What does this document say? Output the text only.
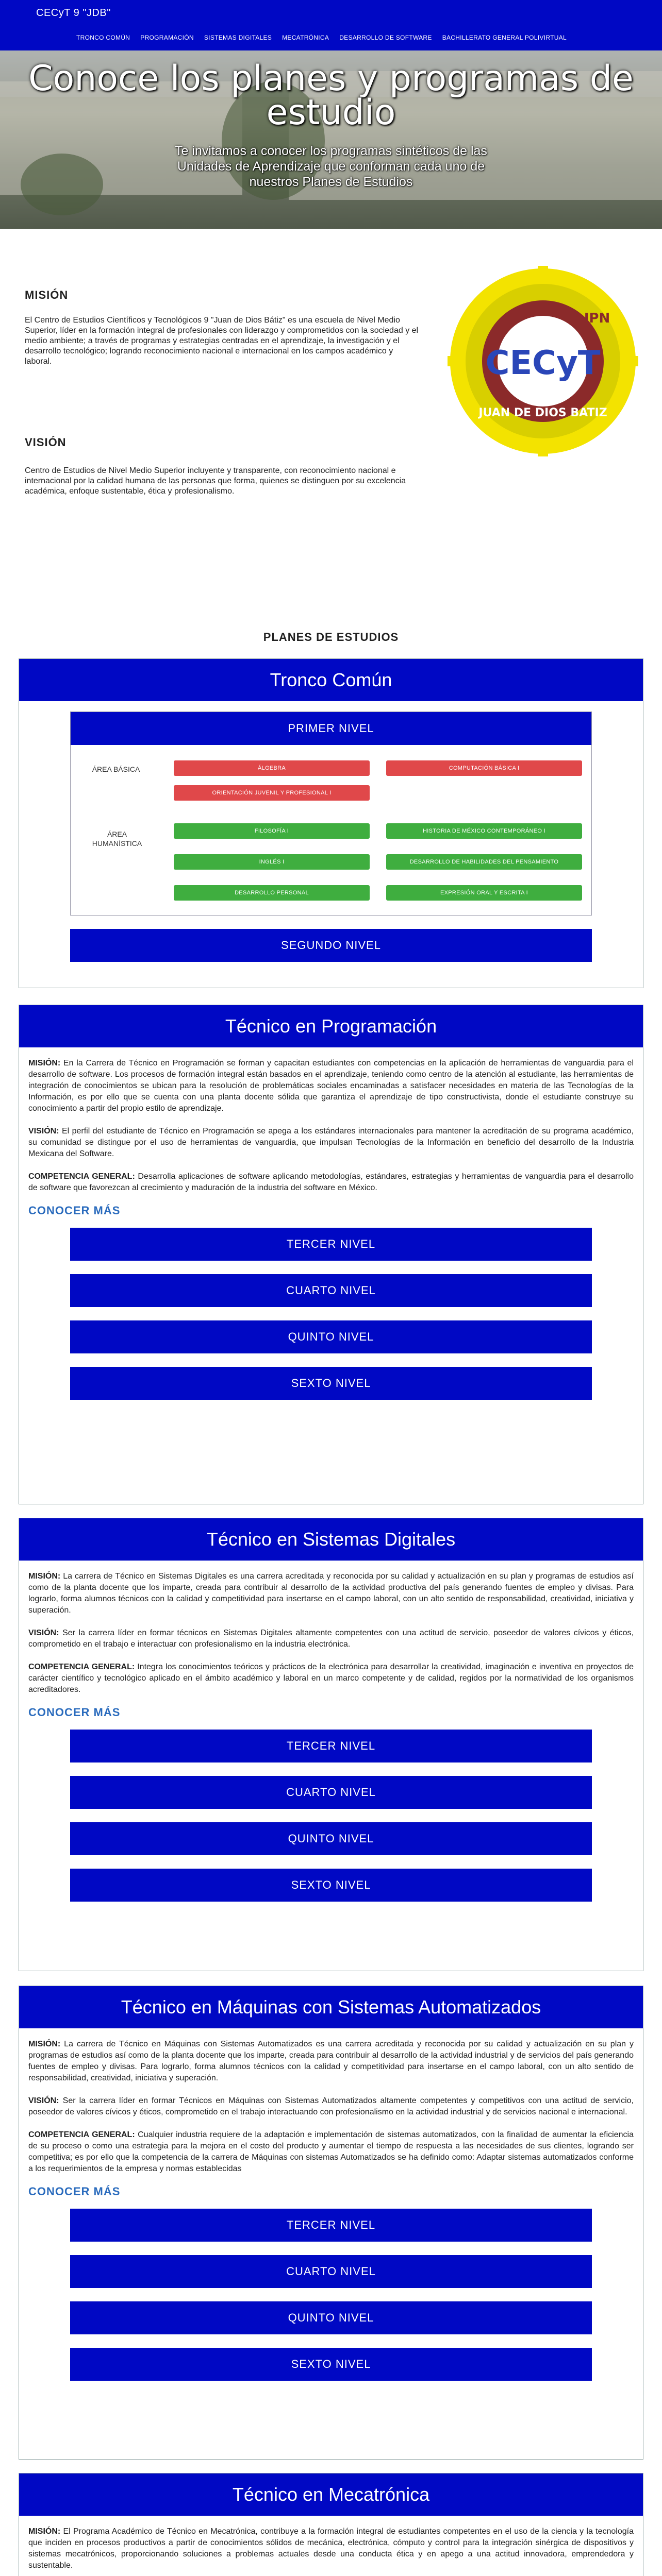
CECyT 9 "JDB"
TRONCO COMÚN	PROGRAMACIÓN	SISTEMAS DIGITALES	MECATRÓNICA	DESARROLLO DE SOFTWARE	BACHILLERATO GENERAL POLIVIRTUAL
Conoce los planes y programas de estudio
Te invitamos a conocer los programas sintéticos de las Unidades de Aprendizaje que conforman cada uno de nuestros Planes de Estudios
MISIÓN
El Centro de Estudios Científicos y Tecnológicos 9 "Juan de Dios Bátiz" es una escuela de Nivel Medio Superior, líder en la formación integral de profesionales con liderazgo y comprometidos con la sociedad y el medio ambiente; a través de programas y estrategias centradas en el aprendizaje, la investigación y el desarrollo tecnológico; logrando reconocimiento nacional e internacional en los campos académico y laboral.
VISIÓN
Centro de Estudios de Nivel Medio Superior incluyente y transparente, con reconocimiento nacional e internacional por la calidad humana de las personas que forma, quienes se distinguen por su excelencia académica, enfoque sustentable, ética y profesionalismo.
CECyT
IPN
JUAN DE DIOS BATIZ
PLANES DE ESTUDIOS
Tronco Común
PRIMER NIVEL
ÁREA BÁSICA
ÁREA HUMANÍSTICA
ÁLGEBRA	COMPUTACIÓN BÁSICA I
ORIENTACIÓN JUVENIL Y PROFESIONAL I
FILOSOFÍA I	HISTORIA DE MÉXICO CONTEMPORÁNEO I
INGLÉS I	DESARROLLO DE HABILIDADES DEL PENSAMIENTO
DESARROLLO PERSONAL	EXPRESIÓN ORAL Y ESCRITA I
SEGUNDO NIVEL
Técnico en Programación

MISIÓN: En la Carrera de Técnico en Programación se forman y capacitan estudiantes con competencias en la aplicación de herramientas de vanguardia para el desarrollo de software. Los procesos de formación integral están basados en el aprendizaje, teniendo como centro de la atención al estudiante, las herramientas de integración de conocimientos se ubican para la resolución de problemáticas sociales encaminadas a satisfacer necesidades en materia de las Tecnologías de la Información, es por ello que se cuenta con una planta docente sólida que garantiza el aprendizaje de tipo constructivista, donde el estudiante construye su conocimiento a partir del propio estilo de aprendizaje.

VISIÓN: El perfil del estudiante de Técnico en Programación se apega a los estándares internacionales para mantener la acreditación de su programa académico, su comunidad se distingue por el uso de herramientas de vanguardia, que impulsan Tecnologías de la Información en beneficio del desarrollo de la Industria Mexicana del Software.

COMPETENCIA GENERAL: Desarrolla aplicaciones de software aplicando metodologías, estándares, estrategias y herramientas de vanguardia para el desarrollo de software que favorezcan al crecimiento y maduración de la industria del software en México.

CONOCER MÁS
TERCER NIVEL
CUARTO NIVEL
QUINTO NIVEL
SEXTO NIVEL
Técnico en Sistemas Digitales

MISIÓN: La carrera de Técnico en Sistemas Digitales es una carrera acreditada y reconocida por su calidad y actualización en su plan y programas de estudios así como de la planta docente que los imparte, creada para contribuir al desarrollo de la actividad productiva del país generando fuentes de empleo y divisas. Para lograrlo, forma alumnos técnicos con la calidad y competitividad para insertarse en el campo laboral, con un alto sentido de responsabilidad, creatividad, iniciativa y superación.

VISIÓN: Ser la carrera líder en formar técnicos en Sistemas Digitales altamente competentes con una actitud de servicio, poseedor de valores cívicos y éticos, comprometido en el trabajo e interactuar con profesionalismo en la industria electrónica.

COMPETENCIA GENERAL: Integra los conocimientos teóricos y prácticos de la electrónica para desarrollar la creatividad, imaginación e inventiva en proyectos de carácter científico y tecnológico aplicado en el ámbito académico y laboral en un marco competente y de calidad, regidos por la normatividad de los organismos acreditadores.

CONOCER MÁS
TERCER NIVEL
CUARTO NIVEL
QUINTO NIVEL
SEXTO NIVEL
Técnico en Máquinas con Sistemas Automatizados

MISIÓN: La carrera de Técnico en Máquinas con Sistemas Automatizados es una carrera acreditada y reconocida por su calidad y actualización en su plan y programas de estudios así como de la planta docente que los imparte, creada para contribuir al desarrollo de la actividad industrial y de servicios del país generando fuentes de empleo y divisas. Para lograrlo, forma alumnos técnicos con la calidad y competitividad para insertarse en el campo laboral, con un alto sentido de responsabilidad, creatividad, iniciativa y superación.

VISIÓN: Ser la carrera líder en formar Técnicos en Máquinas con Sistemas Automatizados altamente competentes y competitivos con una actitud de servicio, poseedor de valores cívicos y éticos, comprometido en el trabajo interactuando con profesionalismo en la actividad industrial y de servicios nacional e internacional.

COMPETENCIA GENERAL: Cualquier industria requiere de la adaptación e implementación de sistemas automatizados, con la finalidad de aumentar la eficiencia de su proceso o como una estrategia para la mejora en el costo del producto y aumentar el tiempo de respuesta a las necesidades de sus clientes, logrando ser competitiva; es por ello que la competencia de la carrera de Máquinas con sistemas Automatizados se ha definido como: Adaptar sistemas automatizados conforme a los requerimientos de la empresa y normas establecidas

CONOCER MÁS
TERCER NIVEL
CUARTO NIVEL
QUINTO NIVEL
SEXTO NIVEL
Técnico en Mecatrónica

MISIÓN: El Programa Académico de Técnico en Mecatrónica, contribuye a la formación integral de estudiantes competentes en el uso de la ciencia y la tecnología que inciden en procesos productivos a partir de conocimientos sólidos de mecánica, electrónica, cómputo y control para la integración sinérgica de dispositivos y sistemas mecatrónicos, proporcionando soluciones a problemas actuales desde una conducta ética y en apego a una actitud innovadora, emprendedora y sustentable.
